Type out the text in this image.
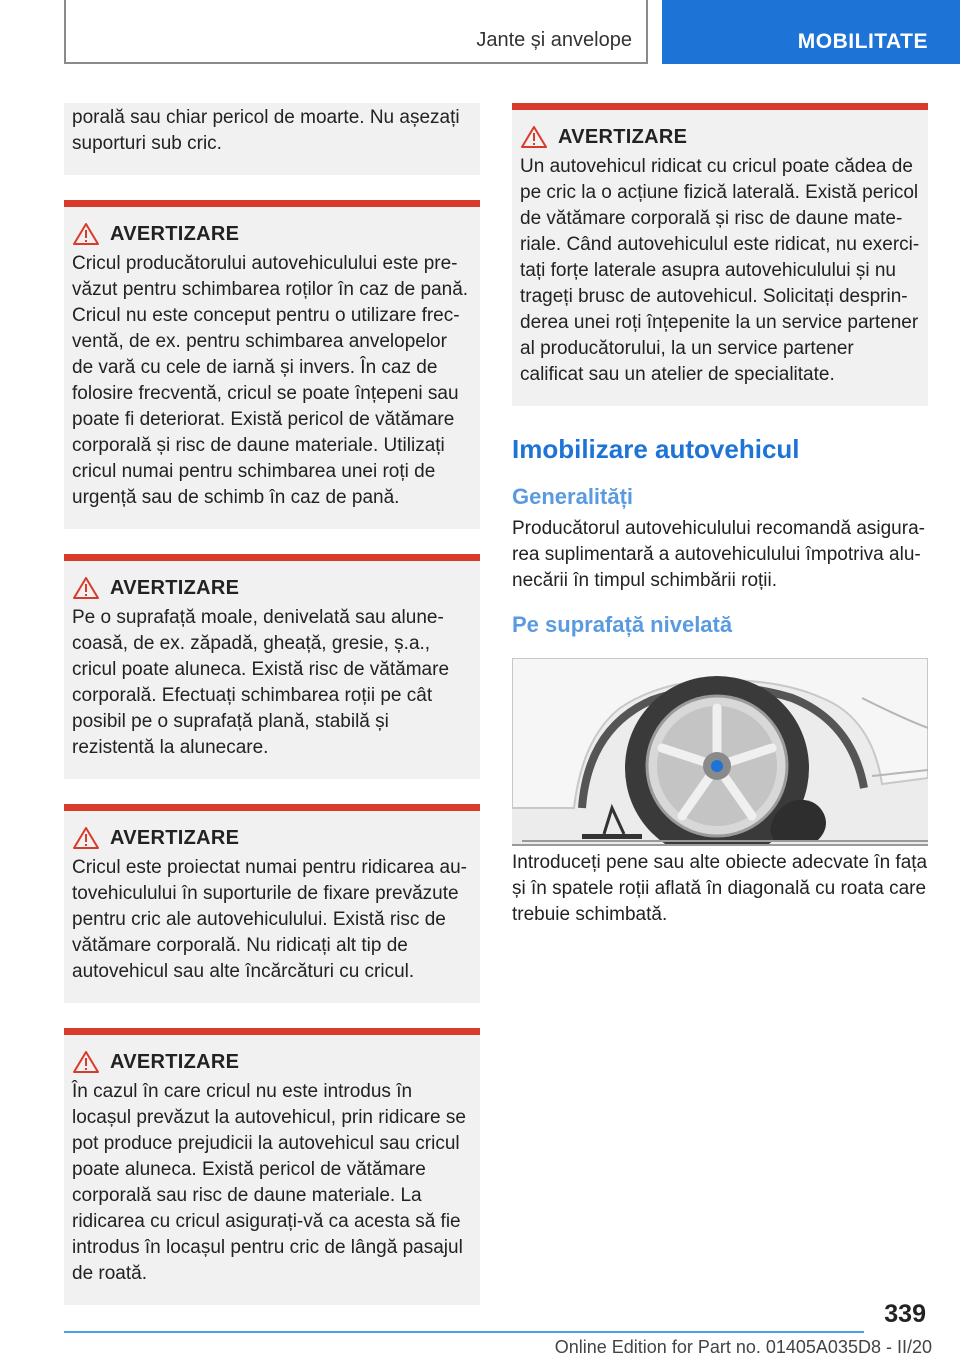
Jante și anvelope	MOBILITATE

porală sau chiar pericol de moarte. Nu așezați suporturi sub cric.

AVERTIZARE

Cricul producătorului autovehiculului este prevăzut pentru schimbarea roților în caz de pană. Cricul nu este conceput pentru o utilizare frecventă, de ex. pentru schimbarea anvelopelor de vară cu cele de iarnă și invers. În caz de folosire frecventă, cricul se poate înțepeni sau poate fi deteriorat. Există pericol de vătămare corporală și risc de daune materiale. Utilizați cricul numai pentru schimbarea unei roți de urgență sau de schimb în caz de pană.

AVERTIZARE

Pe o suprafață moale, denivelată sau alunecoasă, de ex. zăpadă, gheață, gresie, ș.a., cricul poate aluneca. Există risc de vătămare corporală. Efectuați schimbarea roții pe cât posibil pe o suprafață plană, stabilă și rezistentă la alunecare.

AVERTIZARE

Cricul este proiectat numai pentru ridicarea autovehiculului în suporturile de fixare prevăzute pentru cric ale autovehiculului. Există risc de vătămare corporală. Nu ridicați alt tip de autovehicul sau alte încărcături cu cricul.

AVERTIZARE

În cazul în care cricul nu este introdus în locașul prevăzut la autovehicul, prin ridicare se pot produce prejudicii la autovehicul sau cricul poate aluneca. Există pericol de vătămare corporală sau risc de daune materiale. La ridicarea cu cricul asigurați-vă ca acesta să fie introdus în locașul pentru cric de lângă pasajul de roată.

AVERTIZARE

Un autovehicul ridicat cu cricul poate cădea de pe cric la o acțiune fizică laterală. Există pericol de vătămare corporală și risc de daune materiale. Când autovehiculul este ridicat, nu exercitați forțe laterale asupra autovehiculului și nu trageți brusc de autovehicul. Solicitați desprinderea unei roți înțepenite la un service partener al producătorului, la un service partener calificat sau un atelier de specialitate.

Imobilizare autovehicul
Generalități

Producătorul autovehiculului recomandă asigurarea suplimentară a autovehiculului împotriva alunecării în timpul schimbării roții.

Pe suprafață nivelată

Introduceți pene sau alte obiecte adecvate în fața și în spatele roții aflată în diagonală cu roata care trebuie schimbată.

339
Online Edition for Part no. 01405A035D8 - II/20
